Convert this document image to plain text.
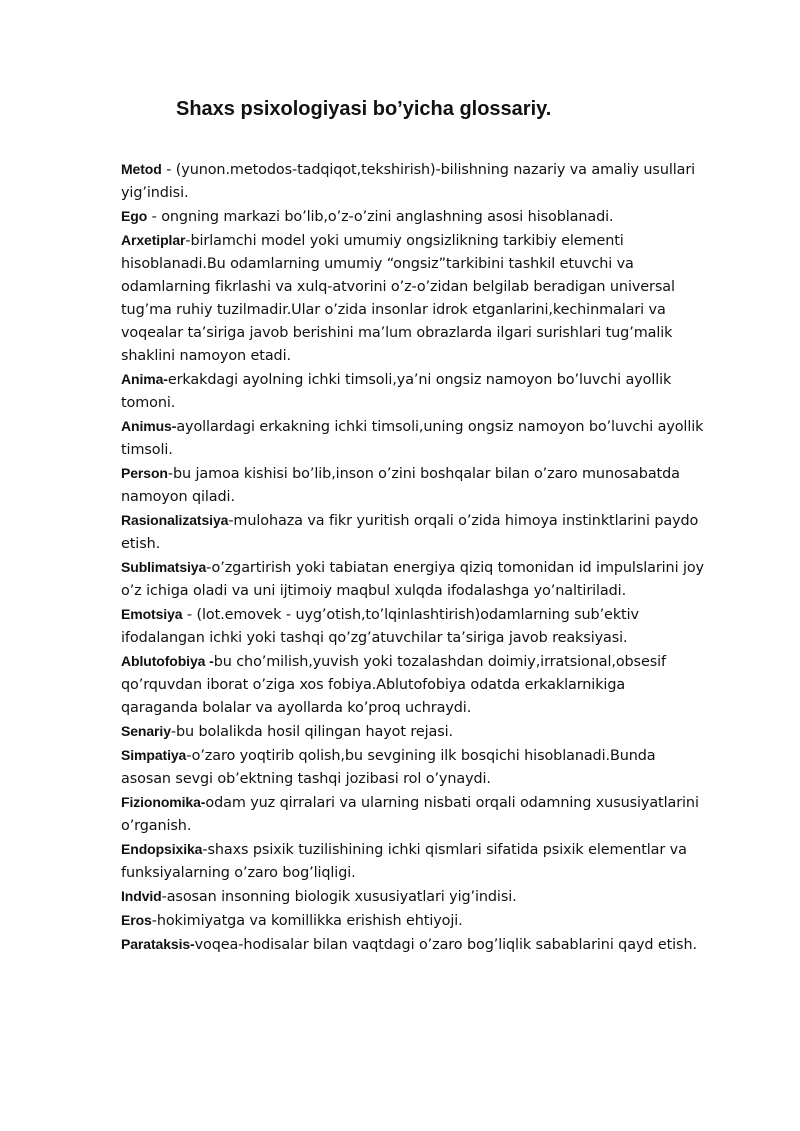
Shaxs psixologiyasi bo’yicha glossariy.
Metod - (yunon.metodos-tadqiqot,tekshirish)-bilishning nazariy va amaliy usullari yig’indisi.
Ego - ongning markazi bo’lib,o’z-o’zini anglashning asosi hisoblanadi.
Arxetiplar-birlamchi model yoki umumiy ongsizlikning tarkibiy elementi hisoblanadi.Bu odamlarning umumiy “ongsiz”tarkibini tashkil etuvchi va odamlarning fikrlashi va xulq-atvorini o’z-o’zidan belgilab beradigan universal tug’ma ruhiy tuzilmadir.Ular o’zida insonlar idrok etganlarini,kechinmalari va voqealar ta’siriga javob berishini ma’lum obrazlarda ilgari surishlari tug’malik shaklini namoyon etadi.
Anima-erkakdagi ayolning ichki timsoli,ya’ni ongsiz namoyon bo’luvchi ayollik tomoni.
Animus-ayollardagi erkakning ichki timsoli,uning ongsiz namoyon bo’luvchi ayollik timsoli.
Person-bu jamoa kishisi bo’lib,inson o’zini boshqalar bilan o’zaro munosabatda namoyon qiladi.
Rasionalizatsiya-mulohaza va fikr yuritish orqali o’zida himoya instinktlarini paydo etish.
Sublimatsiya-o’zgartirish yoki tabiatan energiya qiziq tomonidan id impulslarini joy o’z ichiga oladi va uni ijtimoiy maqbul xulqda ifodalashga yo’naltiriladi.
Emotsiya - (lot.emovek - uyg’otish,to’lqinlashtirish)odamlarning sub’ektiv ifodalangan ichki yoki tashqi qo’zg’atuvchilar ta’siriga javob reaksiyasi.
Ablutofobiya -bu cho’milish,yuvish yoki tozalashdan doimiy,irratsional,obsesif qo’rquvdan iborat o’ziga xos fobiya.Ablutofobiya odatda erkaklarnikiga qaraganda bolalar va ayollarda ko’proq uchraydi.
Senariy-bu bolalikda hosil qilingan hayot rejasi.
Simpatiya-o’zaro yoqtirib qolish,bu sevgining ilk bosqichi hisoblanadi.Bunda asosan sevgi ob’ektning tashqi jozibasi rol o’ynaydi.
Fizionomika-odam yuz qirralari va ularning nisbati orqali odamning xususiyatlarini o’rganish.
Endopsixika-shaxs psixik tuzilishining ichki qismlari sifatida psixik elementlar va funksiyalarning o’zaro bog’liqligi.
Indvid-asosan insonning biologik xususiyatlari yig’indisi.
Eros-hokimiyatga va komillikka erishish ehtiyoji.
Parataksis-voqea-hodisalar bilan vaqtdagi o’zaro bog’liqlik sabablarini qayd etish.
